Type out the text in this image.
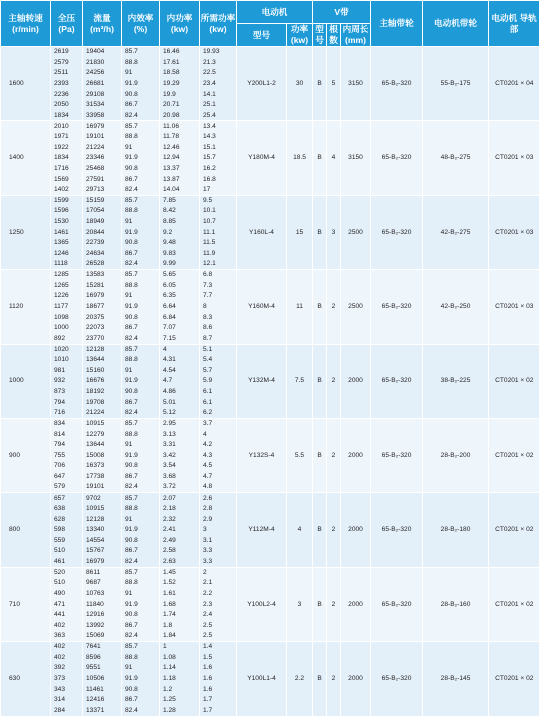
主轴转速 (r/min)	全压 (Pa)	流量 (m³/h)	内效率 (%)	内功率 (kw)	所需功率 (kw)	电动机		V带			主轴带轮	电动机带轮	电动机 导轨部
						型号	功率 (kw)	型号	根数	内周长 (mm)			
1600	2619	19404	85.7	16.46	19.93	Y200L1-2	30	B	5	3150	65-B₂-320	55-B₂-175	CT0201 × 04
	2579	21830	88.8	17.61	21.3								
	2511	24256	91	18.58	22.5								
	2393	26681	91.9	19.29	23.4								
	2236	29108	90.8	19.9	14.1								
	2050	31534	86.7	20.71	25.1								
	1834	33958	82.4	20.98	25.4								
1400	2010	16979	85.7	11.06	13.4	Y180M-4	18.5	B	4	3150	65-B₂-320	48-B₂-275	CT0201 × 03
	1971	19101	88.8	11.78	14.3								
	1922	21224	91	12.46	15.1								
	1834	23346	91.9	12.94	15.7								
	1716	25468	90.8	13.37	16.2								
	1569	27591	86.7	13.87	16.8								
	1402	29713	82.4	14.04	17								
1250	1599	15159	85.7	7.85	9.5	Y160L-4	15	B	3	2500	65-B₂-320	42-B₂-275	CT0201 × 03
	1596	17054	88.8	8.42	10.1								
	1530	18949	91	8.85	10.7								
	1461	20844	91.9	9.2	11.1								
	1365	22739	90.8	9.48	11.5								
	1246	24634	86.7	9.83	11.9								
	1118	26528	82.4	9.99	12.1								
1120	1285	13583	85.7	5.65	6.8	Y160M-4	11	B	2	2500	65-B₂-320	42-B₂-250	CT0201 × 03
	1265	15281	88.8	6.05	7.3								
	1226	16979	91	6.35	7.7								
	1177	18677	91.9	6.64	8								
	1098	20375	90.8	6.84	8.3								
	1000	22073	86.7	7.07	8.6								
	892	23770	82.4	7.15	8.7								
1000	1020	12128	85.7	4	5.1	Y132M-4	7.5	B	2	2000	65-B₂-320	38-B₂-225	CT0201 × 02
	1010	13644	88.8	4.31	5.4								
	981	15160	91	4.54	5.7								
	932	16676	91.9	4.7	5.9								
	873	18192	90.8	4.86	6.1								
	794	19708	86.7	5.01	6.1								
	716	21224	82.4	5.12	6.2								
900	834	10915	85.7	2.95	3.7	Y132S-4	5.5	B	2	2000	65-B₂-320	28-B₂-200	CT0201 × 02
	814	12279	88.8	3.13	4								
	794	13644	91	3.31	4.2								
	755	15008	91.9	3.42	4.3								
	706	16373	90.8	3.54	4.5								
	647	17738	86.7	3.68	4.7								
	579	19101	82.4	3.72	4.8								
800	657	9702	85.7	2.07	2.6	Y112M-4	4	B	2	2000	65-B₂-320	28-B₂-180	CT0201 × 02
	638	10915	88.8	2.18	2.8								
	628	12128	91	2.32	2.9								
	598	13340	91.9	2.41	3								
	559	14554	90.8	2.49	3.1								
	510	15767	86.7	2.58	3.3								
	461	16979	82.4	2.63	3.3								
710	520	8611	85.7	1.45	2	Y100L2-4	3	B	2	2000	65-B₂-320	28-B₂-160	CT0201 × 02
	510	9687	88.8	1.52	2.1								
	490	10763	91	1.61	2.2								
	471	11840	91.9	1.68	2.3								
	441	12916	90.8	1.74	2.4								
	402	13992	86.7	1.8	2.5								
	363	15069	82.4	1.84	2.5								
630	402	7641	85.7	1	1.4	Y100L1-4	2.2	B	2	2000	65-B₂-320	28-B₂-145	CT0201 × 02
	402	8596	88.8	1.08	1.5								
	392	9551	91	1.14	1.6								
	373	10506	91.9	1.18	1.6								
	343	11461	90.8	1.2	1.6								
	314	12416	86.7	1.25	1.7								
	284	13371	82.4	1.28	1.7								
